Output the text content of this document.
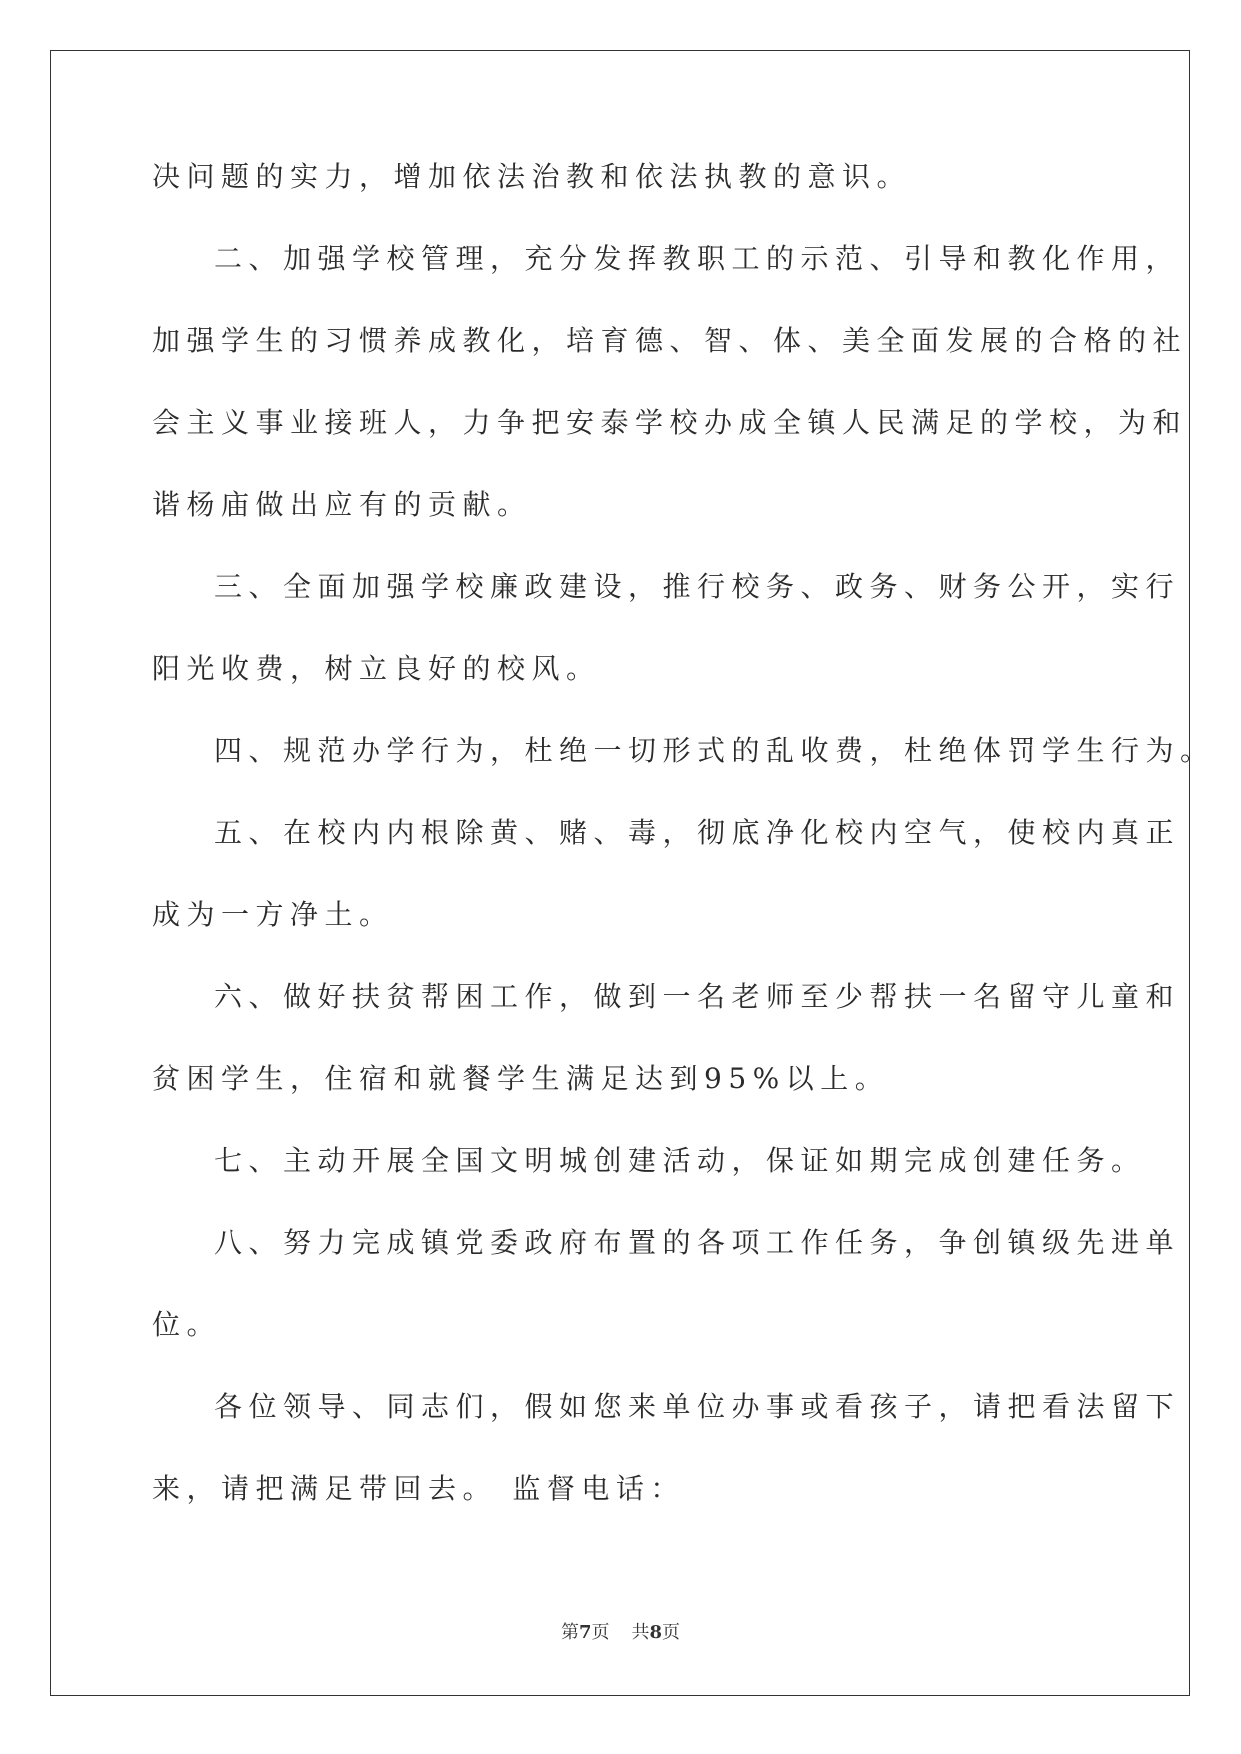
决问题的实力，增加依法治教和依法执教的意识。
二、加强学校管理，充分发挥教职工的示范、引导和教化作用，
加强学生的习惯养成教化，培育德、智、体、美全面发展的合格的社
会主义事业接班人，力争把安泰学校办成全镇人民满足的学校，为和
谐杨庙做出应有的贡献。
三、全面加强学校廉政建设，推行校务、政务、财务公开，实行
阳光收费，树立良好的校风。
四、规范办学行为，杜绝一切形式的乱收费，杜绝体罚学生行为。
五、在校内内根除黄、赌、毒，彻底净化校内空气，使校内真正
成为一方净土。
六、做好扶贫帮困工作，做到一名老师至少帮扶一名留守儿童和
贫困学生，住宿和就餐学生满足达到95%以上。
七、主动开展全国文明城创建活动，保证如期完成创建任务。
八、努力完成镇党委政府布置的各项工作任务，争创镇级先进单
位。
各位领导、同志们，假如您来单位办事或看孩子，请把看法留下
来，请把满足带回去。 监督电话：
第7页 共8页
